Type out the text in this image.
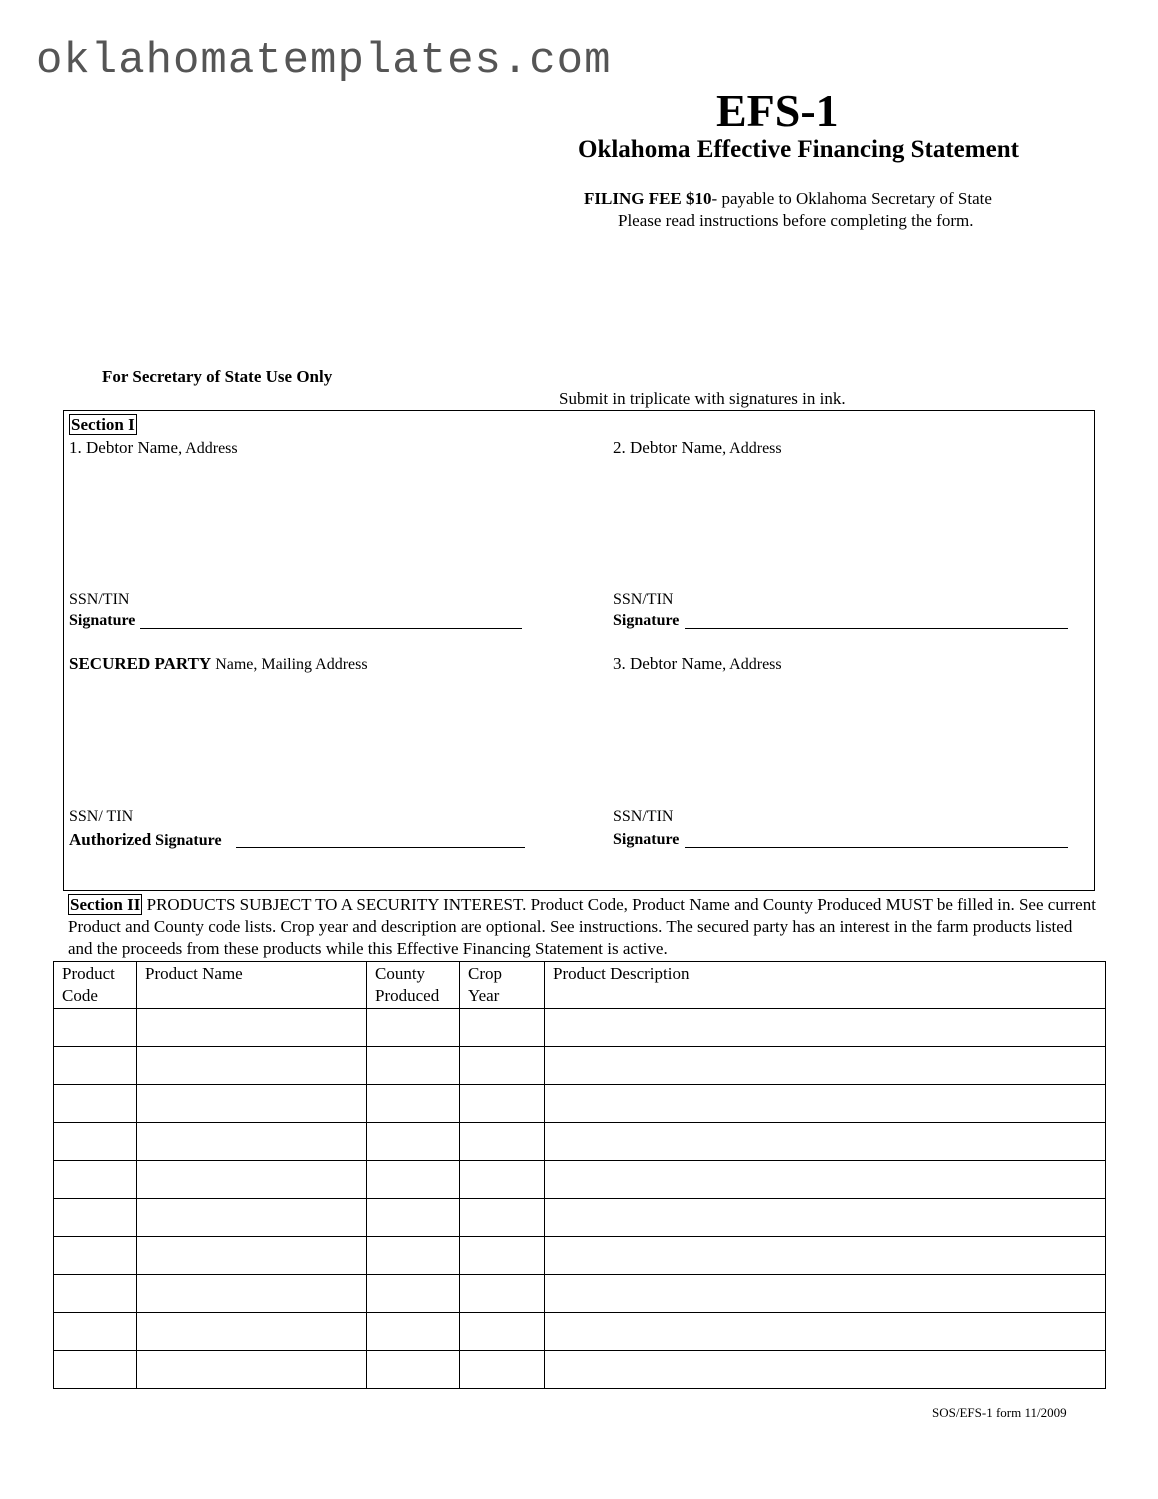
oklahomatemplates.com
EFS-1
Oklahoma Effective Financing Statement
FILING FEE $10- payable to Oklahoma Secretary of State
Please read instructions before completing the form.
For Secretary of State Use Only
Submit in triplicate with signatures in ink.
Section I
1. Debtor Name, Address
SSN/TIN
Signature
2. Debtor Name, Address
SSN/TIN
Signature
SECURED PARTY Name, Mailing Address
SSN/ TIN
Authorized Signature
3. Debtor Name, Address
SSN/TIN
Signature
Section II PRODUCTS SUBJECT TO A SECURITY INTEREST. Product Code, Product Name and County Produced MUST be filled in. See current Product and County code lists. Crop year and description are optional. See instructions. The secured party has an interest in the farm products listed and the proceeds from these products while this Effective Financing Statement is active.
Product Code	Product Name	County Produced	Crop Year	Product Description

SOS/EFS-1 form 11/2009
